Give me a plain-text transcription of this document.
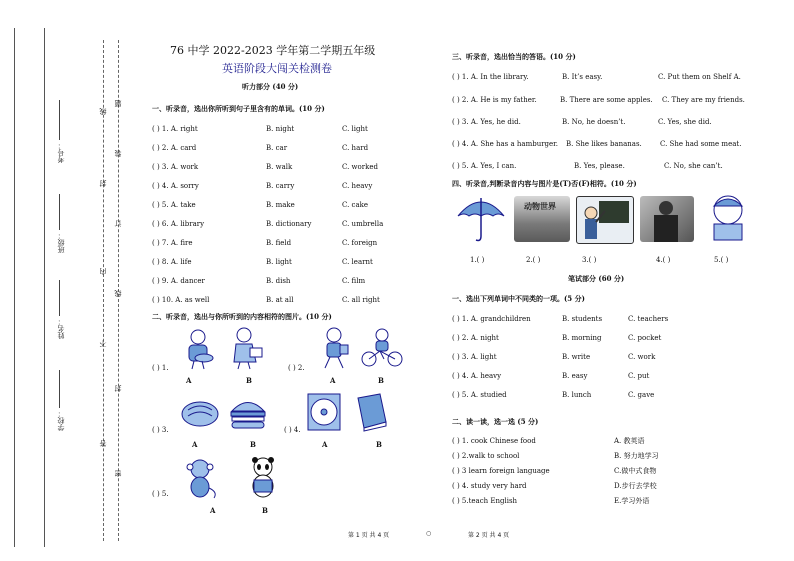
学校：
姓名：
班级：
考号：
线
封
内
不
答
题
装
订
线
封
密
76 中学 2022-2023 学年第二学期五年级
英语阶段大闯关检测卷
听力部分 (40 分)
一、听录音，选出你所听到句子里含有的单词。(10 分)
( ) 1. A. right	B. night	C. light
( ) 2. A. card	B. car	C. hard
( ) 3. A. work	B. walk	C. worked
( ) 4. A. sorry	B. carry	C. heavy
( ) 5. A. take	B. make	C. cake
( ) 6. A. library	B. dictionary	C. umbrella
( ) 7. A. fire	B. field	C. foreign
( ) 8. A. life	B. light	C. learnt
( ) 9. A. dancer	B. dish	C. film
( ) 10. A. as well	B. at all	C. all right
二、听录音，选出与你所听到的内容相符的图片。(10 分)
( ) 1.
A	B
( ) 2.
A	B
( ) 3.
A	B
( ) 4.
A	B
( ) 5.
A	B
三、听录音，选出恰当的答语。(10 分)
( ) 1. A. In the library.	B. It’s easy.	C. Put them on Shelf A.
( ) 2. A. He is my father.	B. There are some apples. C. They are my friends.
( ) 3. A. Yes, he did.	B. No, he doesn’t.	C. Yes, she did.
( ) 4. A. She has a hamburger. B. She likes bananas.	C. She had some meat.
( ) 5. A. Yes, I can.	B. Yes, please.	C. No, she can’t.
四、听录音,判断录音内容与图片是(T)否(F)相符。(10 分)
动物世界
1.( )	2.( )	3.( )	4.( )	5.( )
笔试部分 (60 分)
一、选出下列单词中不同类的一项。(5 分)
( ) 1. A. grandchildren	B. students	C. teachers
( ) 2. A. night	B. morning	C. pocket
( ) 3. A. light	B. write	C. work
( ) 4. A. heavy	B. easy	C. put
( ) 5. A. studied	B. lunch	C. gave
二、读一读，选一选 (5 分)
( ) 1. cook Chinese food	A. 教英语
( ) 2.walk to school	B. 努力地学习
( ) 3 learn foreign language	C.做中式食物
( ) 4. study very hard	D.步行去学校
( ) 5.teach English	E.学习外语
第 1 页 共 4 页	○	第 2 页 共 4 页
